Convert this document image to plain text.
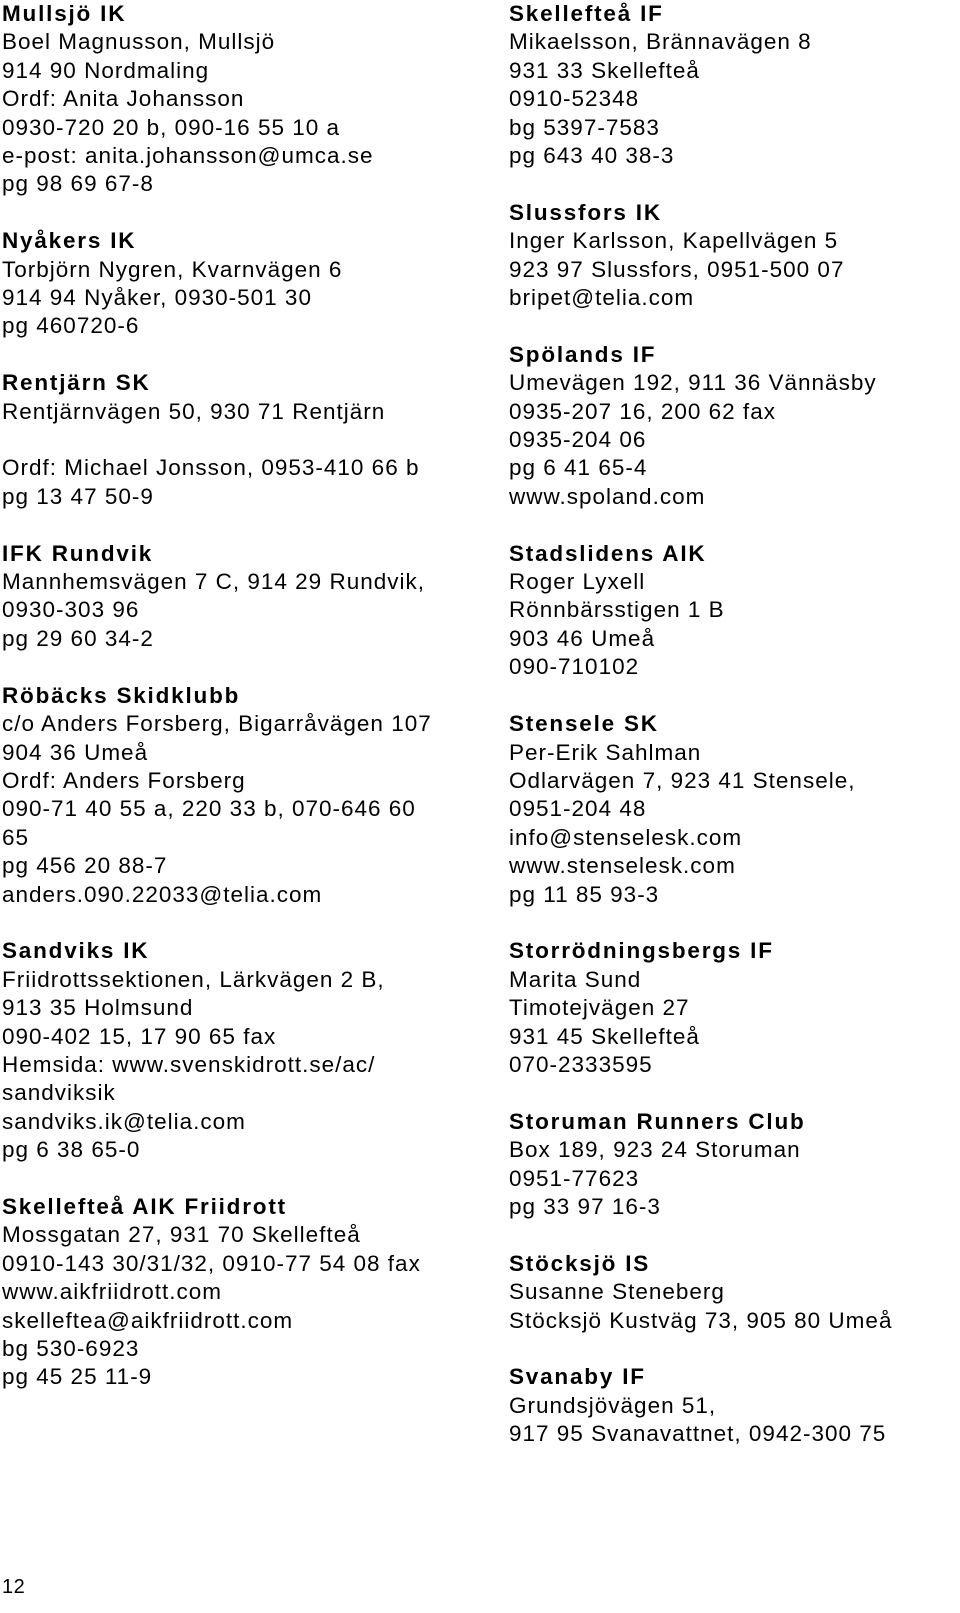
Mullsjö IK
Boel Magnusson, Mullsjö
914 90 Nordmaling
Ordf: Anita Johansson
0930-720 20 b, 090-16 55 10 a
e-post: anita.johansson@umca.se
pg 98 69 67-8
Nyåkers IK
Torbjörn Nygren, Kvarnvägen 6
914 94 Nyåker, 0930-501 30
pg 460720-6
Rentjärn SK
Rentjärnvägen 50, 930 71 Rentjärn

Ordf: Michael Jonsson, 0953-410 66 b
pg 13 47 50-9
IFK Rundvik
Mannhemsvägen 7 C, 914 29 Rundvik,
0930-303 96
pg 29 60 34-2
Röbäcks Skidklubb
c/o Anders Forsberg, Bigarråvägen 107
904 36 Umeå
Ordf: Anders Forsberg
090-71 40 55 a, 220 33 b, 070-646 60
65
pg 456 20 88-7
anders.090.22033@telia.com
Sandviks IK
Friidrottssektionen, Lärkvägen 2 B,
913 35 Holmsund
090-402 15, 17 90 65 fax
Hemsida: www.svenskidrott.se/ac/
sandviksik
sandviks.ik@telia.com
pg 6 38 65-0
Skellefteå AIK Friidrott
Mossgatan 27, 931 70 Skellefteå
0910-143 30/31/32, 0910-77 54 08 fax
www.aikfriidrott.com
skelleftea@aikfriidrott.com
bg 530-6923
pg 45 25 11-9
Skellefteå IF
Mikaelsson, Brännavägen 8
931 33 Skellefteå
0910-52348
bg 5397-7583
pg 643 40 38-3
Slussfors IK
Inger Karlsson, Kapellvägen 5
923 97 Slussfors, 0951-500 07
bripet@telia.com
Spölands IF
Umevägen 192, 911 36 Vännäsby
0935-207 16, 200 62 fax
0935-204 06
pg 6 41 65-4
www.spoland.com
Stadslidens AIK
Roger Lyxell
Rönnbärsstigen 1 B
903 46 Umeå
090-710102
Stensele SK
Per-Erik Sahlman
Odlarvägen 7, 923 41 Stensele,
0951-204 48
info@stenselesk.com
www.stenselesk.com
pg 11 85 93-3
Storrödningsbergs IF
Marita Sund
Timotejvägen 27
931 45 Skellefteå
070-2333595
Storuman Runners Club
Box 189, 923 24 Storuman
0951-77623
pg 33 97 16-3
Stöcksjö IS
Susanne Steneberg
Stöcksjö Kustväg 73, 905 80 Umeå
Svanaby IF
Grundsjövägen 51,
917 95 Svanavattnet, 0942-300 75
12
